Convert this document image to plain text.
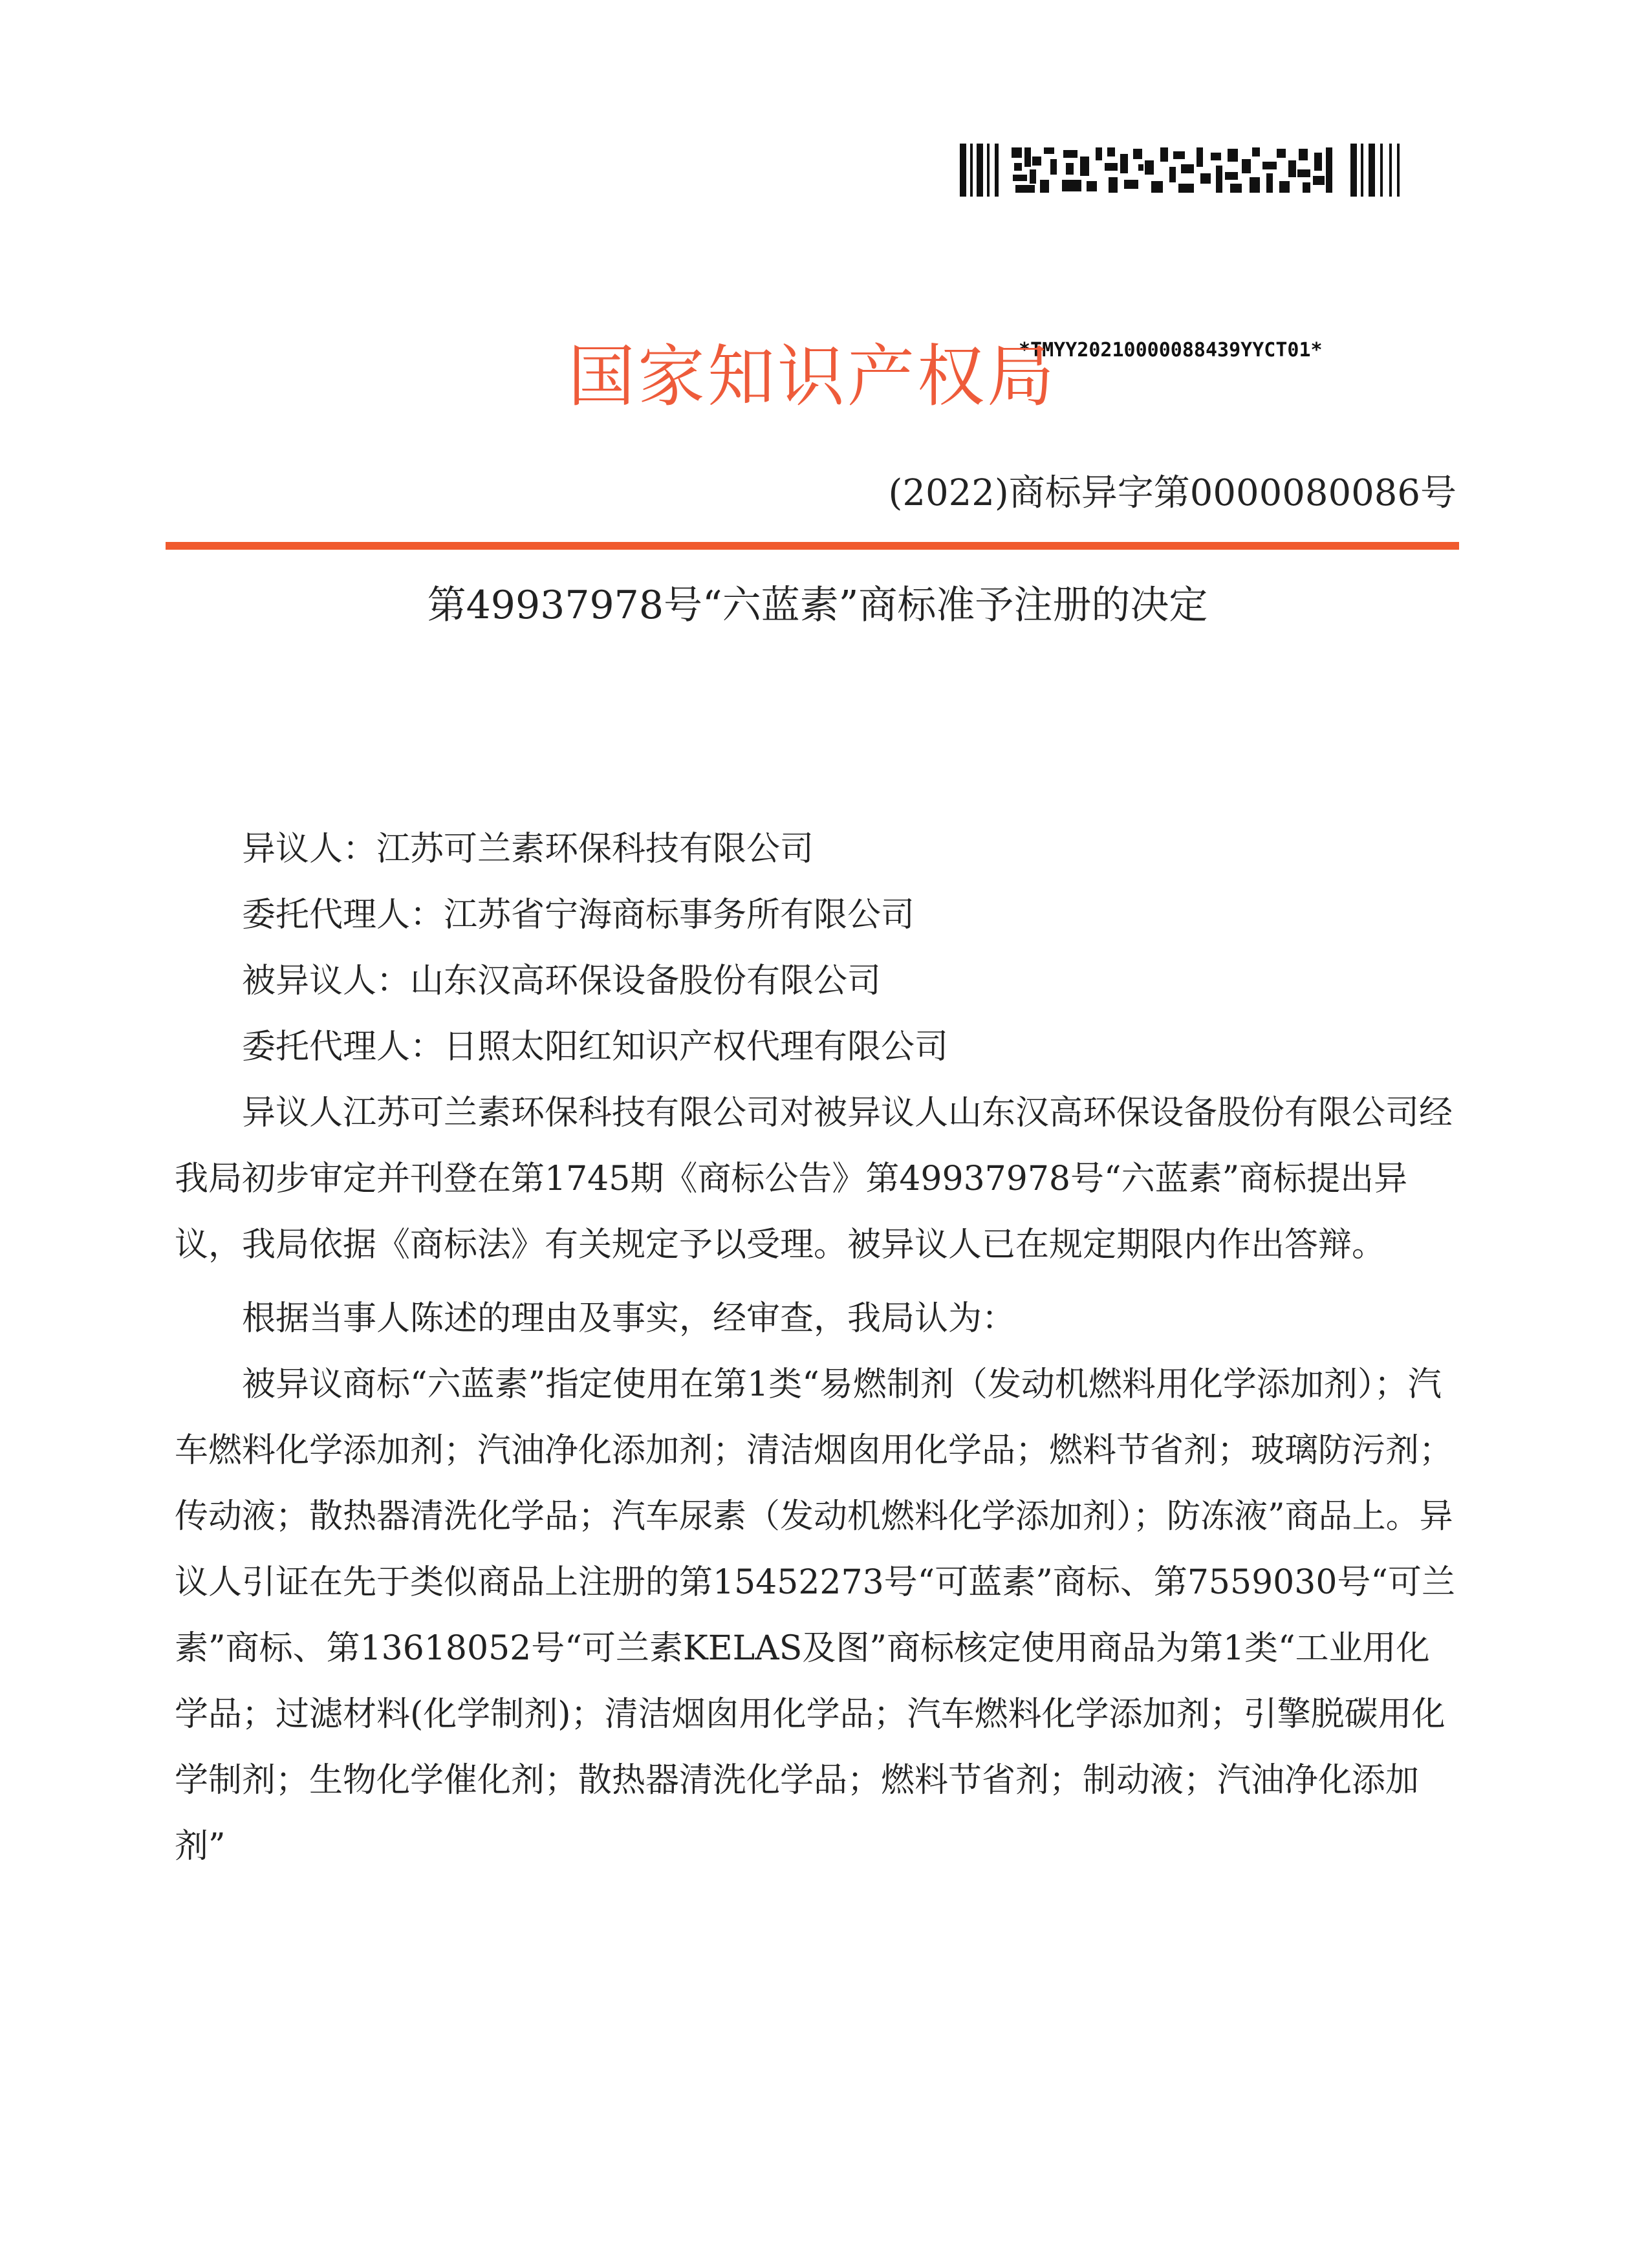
*TMYY20210000088439YYCT01*
国家知识产权局
(2022)商标异字第0000080086号
第49937978号“六蓝素”商标准予注册的决定

异议人：江苏可兰素环保科技有限公司

委托代理人：江苏省宁海商标事务所有限公司

被异议人：山东汉高环保设备股份有限公司

委托代理人：日照太阳红知识产权代理有限公司

异议人江苏可兰素环保科技有限公司对被异议人山东汉高环保设备股份有限公司经我局初步审定并刊登在第1745期《商标公告》第49937978号“六蓝素”商标提出异议，我局依据《商标法》有关规定予以受理。被异议人已在规定期限内作出答辩。

根据当事人陈述的理由及事实，经审查，我局认为：

被异议商标“六蓝素”指定使用在第1类“易燃制剂（发动机燃料用化学添加剂）；汽车燃料化学添加剂；汽油净化添加剂；清洁烟囱用化学品；燃料节省剂；玻璃防污剂；传动液；散热器清洗化学品；汽车尿素（发动机燃料化学添加剂）；防冻液”商品上。异议人引证在先于类似商品上注册的第15452273号“可蓝素”商标、第7559030号“可兰素”商标、第13618052号“可兰素KELAS及图”商标核定使用商品为第1类“工业用化学品；过滤材料(化学制剂)；清洁烟囱用化学品；汽车燃料化学添加剂；引擎脱碳用化学制剂；生物化学催化剂；散热器清洗化学品；燃料节省剂；制动液；汽油净化添加剂”
